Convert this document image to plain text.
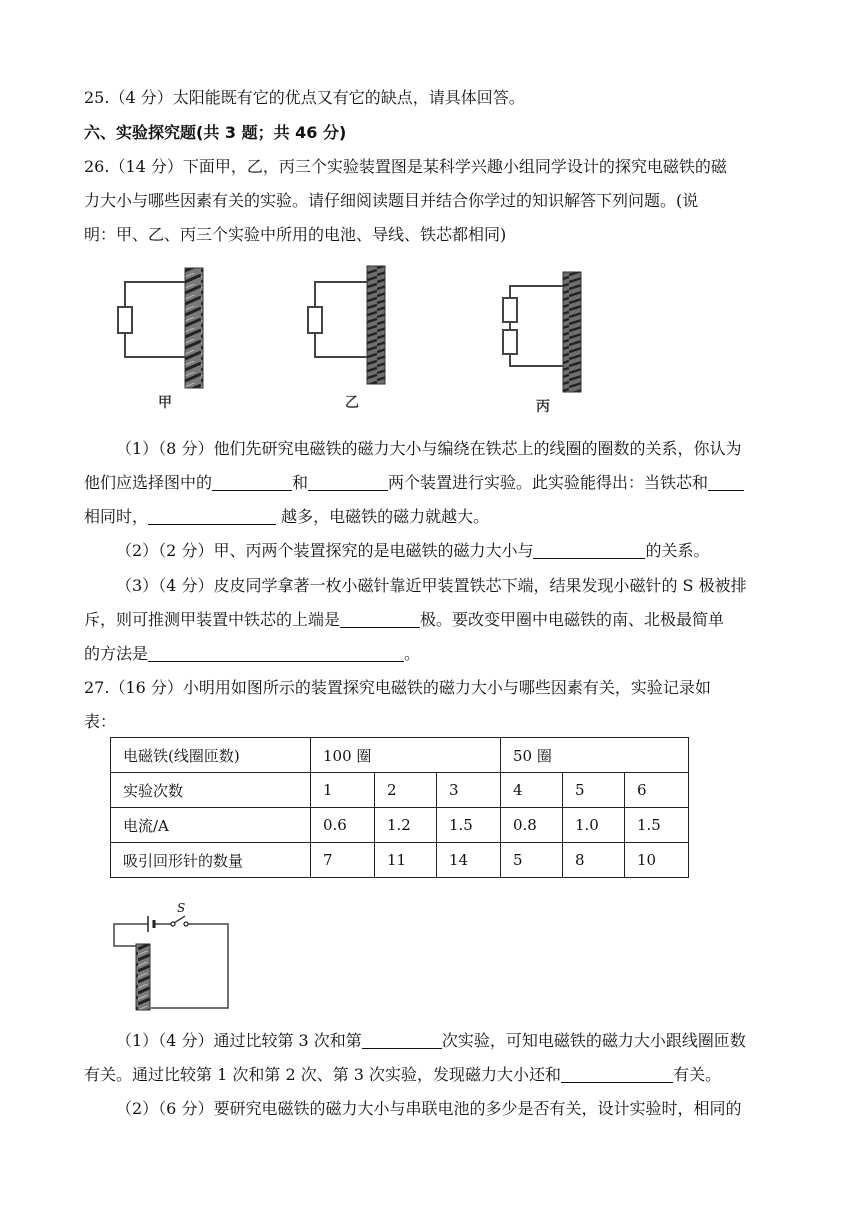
25.（4 分）太阳能既有它的优点又有它的缺点，请具体回答。
六、实验探究题(共 3 题；共 46 分)
26.（14 分）下面甲，乙，丙三个实验装置图是某科学兴趣小组同学设计的探究电磁铁的磁
力大小与哪些因素有关的实验。请仔细阅读题目并结合你学过的知识解答下列问题。(说
明：甲、乙、丙三个实验中所用的电池、导线、铁芯都相同)
甲	乙	丙
（1）（8 分）他们先研究电磁铁的磁力大小与编绕在铁芯上的线圈的圈数的关系，你认为
他们应选择图中的	和	两个装置进行实验。此实验能得出：当铁芯和
相同时，	越多，电磁铁的磁力就越大。
（2）（2 分）甲、丙两个装置探究的是电磁铁的磁力大小与	的关系。
（3）（4 分）皮皮同学拿著一枚小磁针靠近甲装置铁芯下端，结果发现小磁针的 S 极被排
斥，则可推测甲装置中铁芯的上端是	极。要改变甲圈中电磁铁的南、北极最简单
的方法是	。
27.（16 分）小明用如图所示的装置探究电磁铁的磁力大小与哪些因素有关，实验记录如
表：
电磁铁(线圈匝数)	100 圈			50 圈		
实验次数	1	2	3	4	5	6
电流/A	0.6	1.2	1.5	0.8	1.0	1.5
吸引回形针的数量	7	11	14	5	8	10
S
（1）（4 分）通过比较第 3 次和第	次实验，可知电磁铁的磁力大小跟线圈匝数
有关。通过比较第 1 次和第 2 次、第 3 次实验，发现磁力大小还和	有关。
（2）（6 分）要研究电磁铁的磁力大小与串联电池的多少是否有关，设计实验时，相同的
